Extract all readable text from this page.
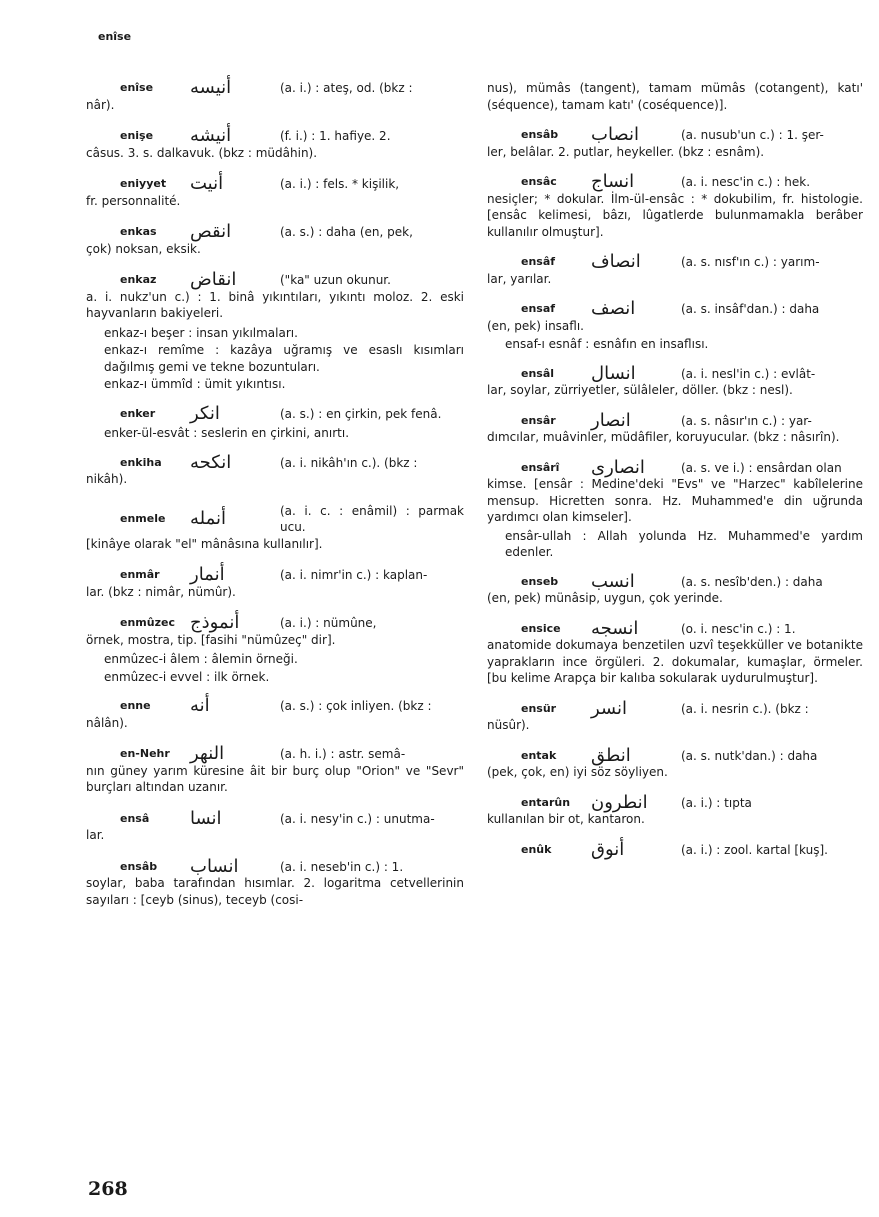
enîse
enîse	أنيسه	(a. i.) : ateş, od. (bkz :
nâr).
enişe	أنيشه	(f. i.) : 1. hafiye. 2.
câsus. 3. s. dalkavuk. (bkz : müdâhin).
eniyyet	أنيت	(a. i.) : fels. * kişilik,
fr. personnalité.
enkas	انقص	(a. s.) : daha (en, pek,
çok) noksan, eksik.
enkaz	انقاض	("ka" uzun okunur.
a. i. nukz'un c.) : 1. binâ yıkıntıları, yıkıntı moloz. 2. eski hayvanların bakiyeleri.
enkaz-ı beşer : insan yıkılmaları.
enkaz-ı remîme : kazâya uğramış ve esaslı kısımları dağılmış gemi ve tekne bozuntuları.
enkaz-ı ümmîd : ümit yıkıntısı.
enker	انكر	(a. s.) : en çirkin, pek fenâ.
enker-ül-esvât : seslerin en çirkini, anırtı.
enkiha	انكحه	(a. i. nikâh'ın c.). (bkz :
nikâh).
enmele	أنمله	(a. i. c. : enâmil) : parmak ucu.
[kinâye olarak "el" mânâsına kullanılır].
enmâr	أنمار	(a. i. nimr'in c.) : kaplan-
lar. (bkz : nimâr, nümûr).
enmûzec أنموذج	(a. i.) : nümûne,
örnek, mostra, tip. [fasihi "nümûzeç" dir].
enmûzec-i âlem : âlemin örneği.
enmûzec-i evvel : ilk örnek.
enne	أنه	(a. s.) : çok inliyen. (bkz :
nâlân).
en-Nehr	النهر	(a. h. i.) : astr. semâ-
nın güney yarım küresine âit bir burç olup "Orion" ve "Sevr" burçları altından uzanır.
ensâ	انسا	(a. i. nesy'in c.) : unutma-
lar.
ensâb	انساب	(a. i. neseb'in c.) : 1.
soylar, baba tarafından hısımlar. 2. logaritma cetvellerinin sayıları : [ceyb (sinus), teceyb (cosi-

nus), mümâs (tangent), tamam mümâs (cotangent), katı' (séquence), tamam katı' (coséquence)].

ensâb	انصاب	(a. nusub'un c.) : 1. şer-
ler, belâlar. 2. putlar, heykeller. (bkz : esnâm).
ensâc	انساج	(a. i. nesc'in c.) : hek.
nesiçler; * dokular. İlm-ül-ensâc : * dokubilim, fr. histologie. [ensâc kelimesi, bâzı, lûgatlerde bulunmamakla berâber kullanılır olmuştur].
ensâf	انصاف	(a. s. nısf'ın c.) : yarım-
lar, yarılar.
ensaf	انصف	(a. s. insâf'dan.) : daha
(en, pek) insaflı.
ensaf-ı esnâf : esnâfın en insaflısı.
ensâl	انسال	(a. i. nesl'in c.) : evlât-
lar, soylar, zürriyetler, sülâleler, döller. (bkz : nesl).
ensâr	انصار	(a. s. nâsır'ın c.) : yar-
dımcılar, muâvinler, müdâfiler, koruyucular. (bkz : nâsırîn).
ensârî	انصارى	(a. s. ve i.) : ensârdan olan
kimse. [ensâr : Medine'deki "Evs" ve "Harzec" kabîlelerine mensup. Hicretten sonra. Hz. Muhammed'e din uğrunda yardımcı olan kimseler].
ensâr-ullah : Allah yolunda Hz. Muhammed'e yardım edenler.
enseb	انسب	(a. s. nesîb'den.) : daha
(en, pek) münâsip, uygun, çok yerinde.
ensice	انسجه	(o. i. nesc'in c.) : 1.
anatomide dokumaya benzetilen uzvî teşekküller ve botanikte yaprakların ince örgüleri. 2. dokumalar, kumaşlar, örmeler. [bu kelime Arapça bir kalıba sokularak uydurulmuştur].
ensür	انسر	(a. i. nesrin c.). (bkz :
nüsûr).
entak	انطق	(a. s. nutk'dan.) : daha
(pek, çok, en) iyi söz söyliyen.
entarûn	انطرون	(a. i.) : tıpta
kullanılan bir ot, kantaron.
enûk	أنوق	(a. i.) : zool. kartal [kuş].
268
